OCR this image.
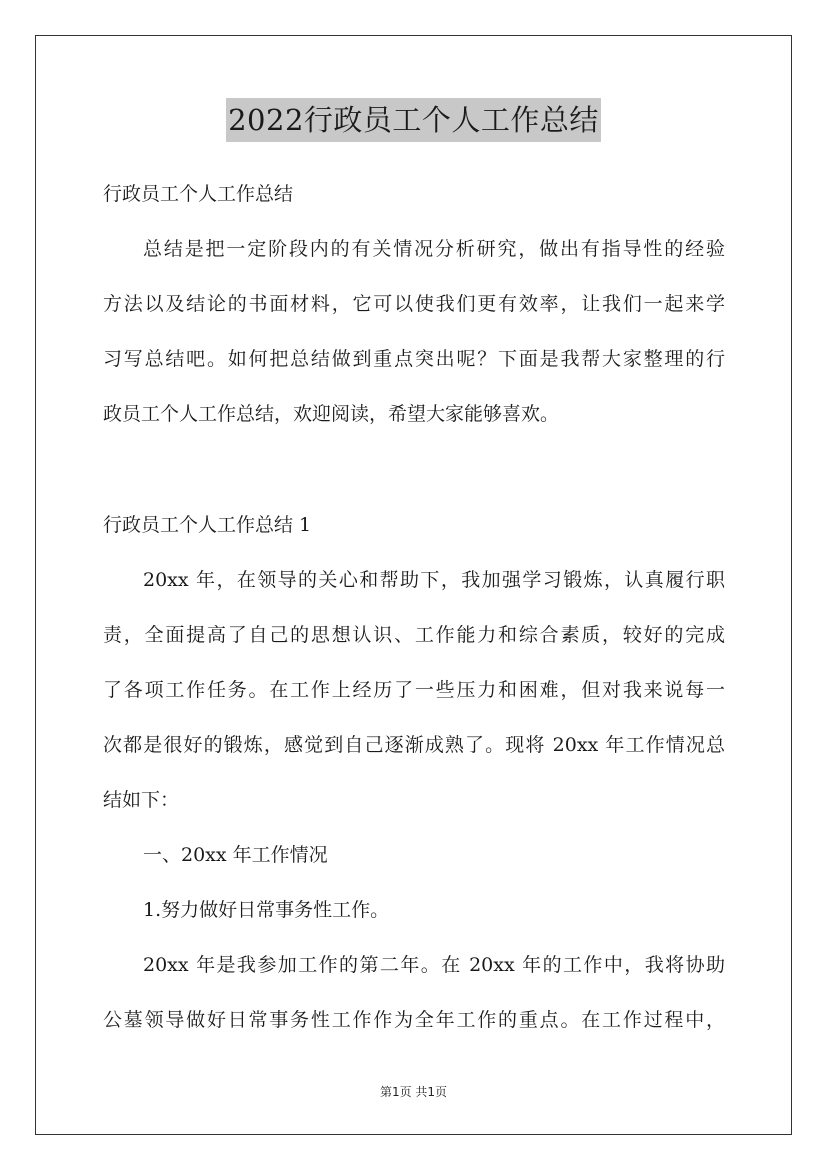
2022行政员工个人工作总结
行政员工个人工作总结
总结是把一定阶段内的有关情况分析研究，做出有指导性的经验
方法以及结论的书面材料，它可以使我们更有效率，让我们一起来学
习写总结吧。如何把总结做到重点突出呢？下面是我帮大家整理的行
政员工个人工作总结，欢迎阅读，希望大家能够喜欢。
行政员工个人工作总结 1
20xx 年，在领导的关心和帮助下，我加强学习锻炼，认真履行职
责，全面提高了自己的思想认识、工作能力和综合素质，较好的完成
了各项工作任务。在工作上经历了一些压力和困难，但对我来说每一
次都是很好的锻炼，感觉到自己逐渐成熟了。现将 20xx 年工作情况总
结如下：
一、20xx 年工作情况
1.努力做好日常事务性工作。
20xx 年是我参加工作的第二年。在 20xx 年的工作中，我将协助
公墓领导做好日常事务性工作作为全年工作的重点。在工作过程中，
第1页 共1页
